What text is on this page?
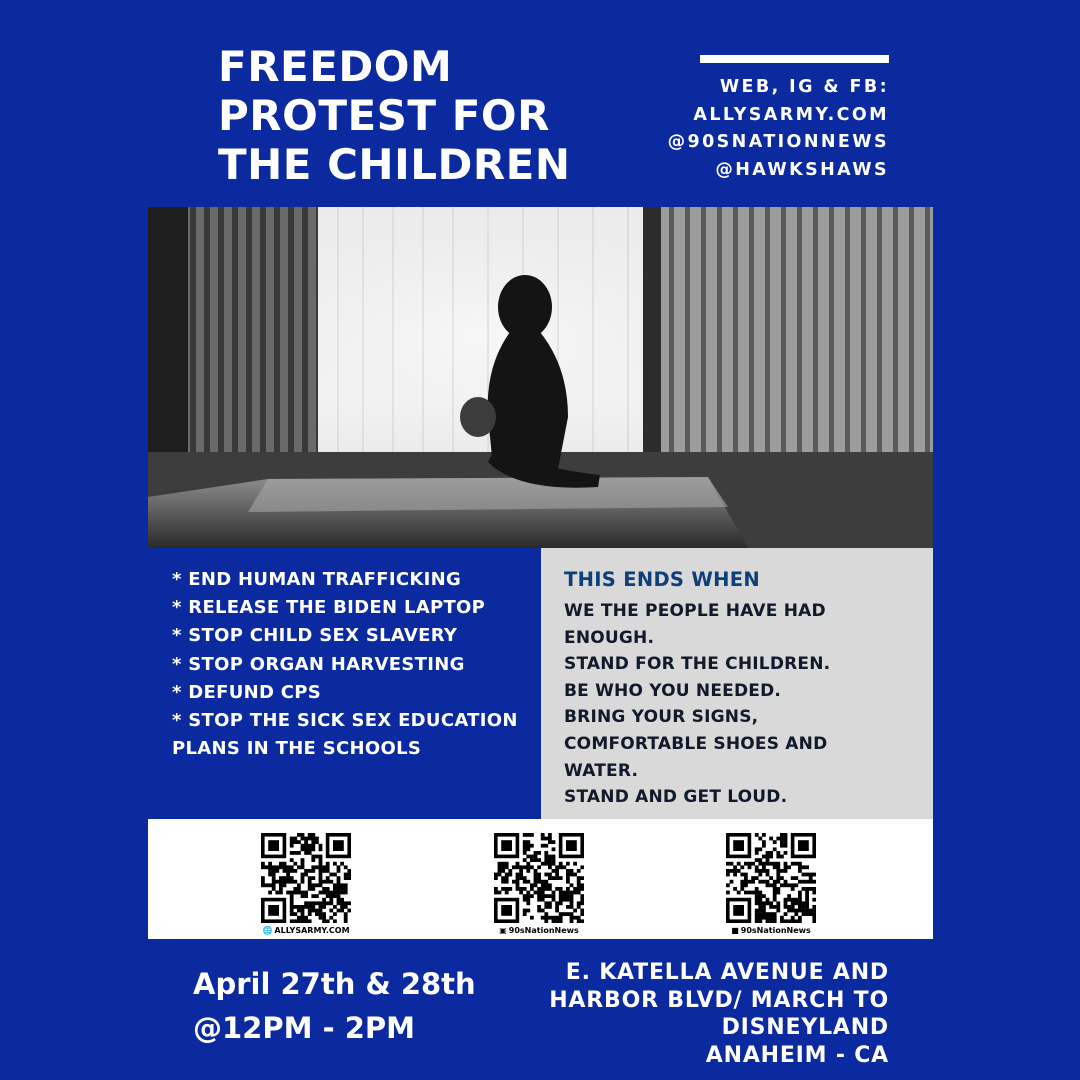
FREEDOM
PROTEST FOR
THE CHILDREN
WEB, IG & FB:
ALLYSARMY.COM
@90SNATIONNEWS
@HAWKSHAWS
* END HUMAN TRAFFICKING
* RELEASE THE BIDEN LAPTOP
* STOP CHILD SEX SLAVERY
* STOP ORGAN HARVESTING
* DEFUND CPS
* STOP THE SICK SEX EDUCATION PLANS IN THE SCHOOLS
THIS ENDS WHEN
WE THE PEOPLE HAVE HAD
ENOUGH.
STAND FOR THE CHILDREN.
BE WHO YOU NEEDED.
BRING YOUR SIGNS,
COMFORTABLE SHOES AND
WATER.
STAND AND GET LOUD.
🌐 ALLYSARMY.COM	▣ 90sNationNews	■ 90sNationNews
April 27th & 28th
@12PM - 2PM
E. KATELLA AVENUE AND
HARBOR BLVD/ MARCH TO
DISNEYLAND
ANAHEIM - CA
